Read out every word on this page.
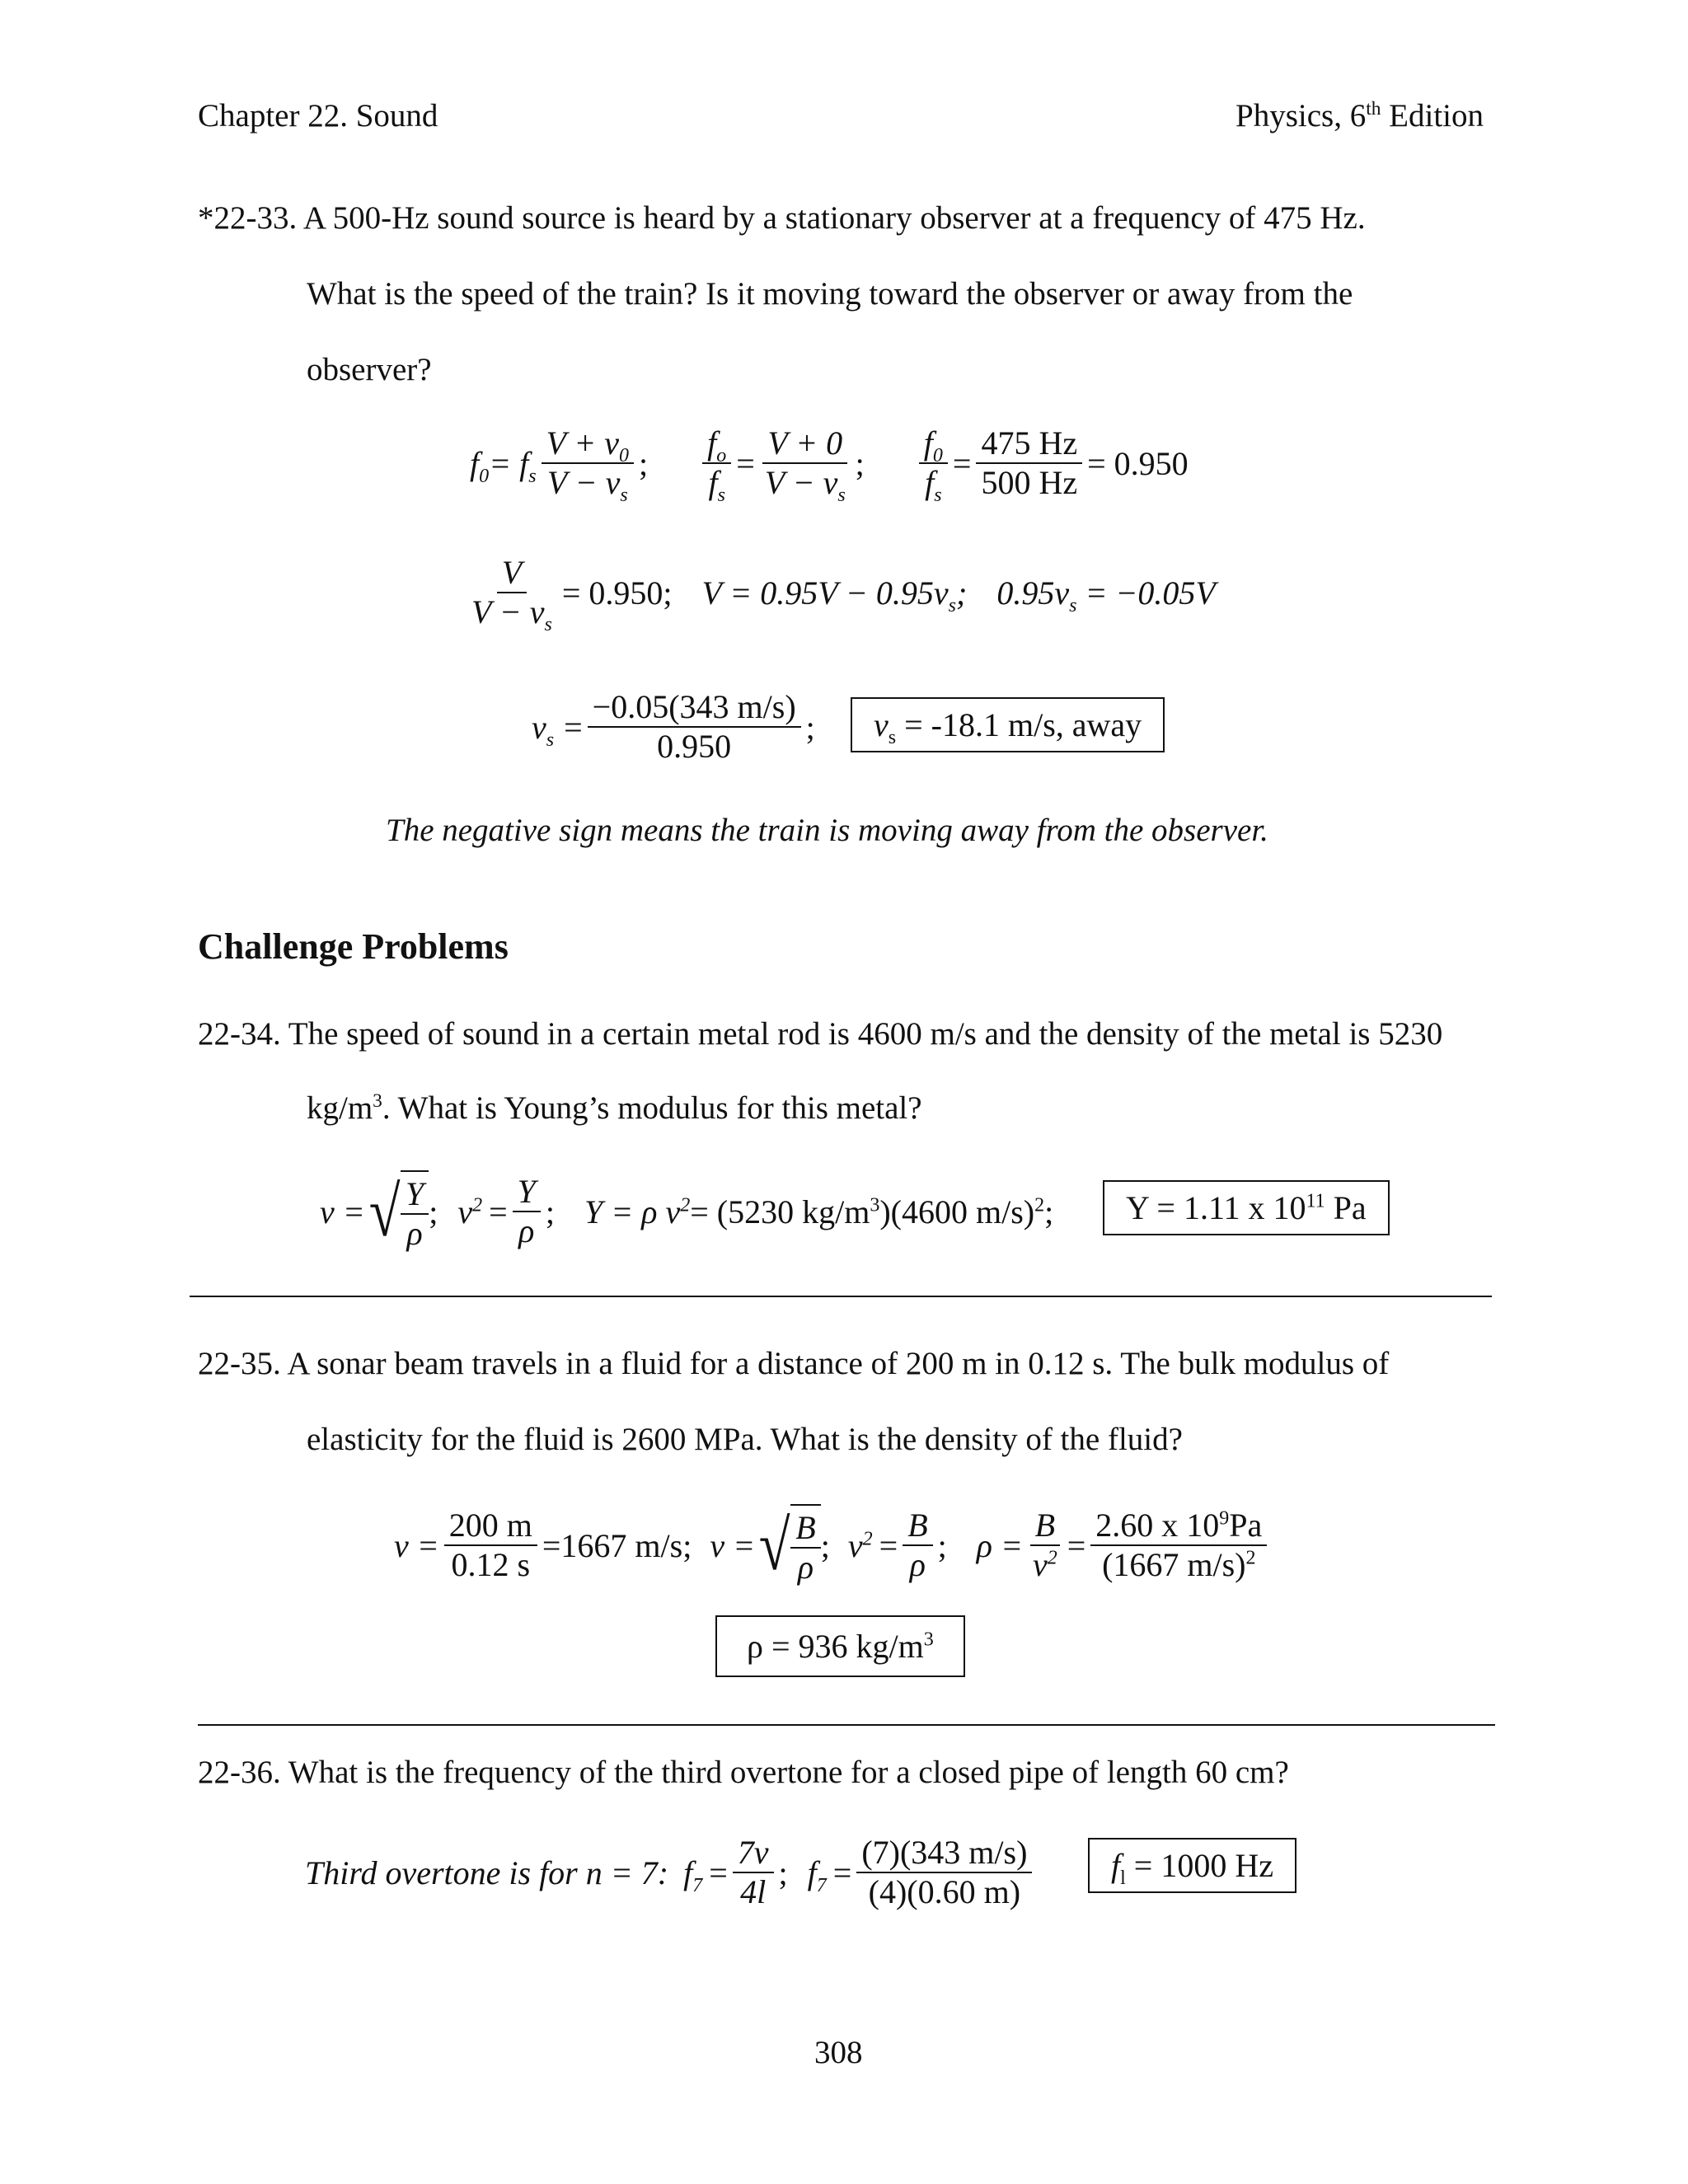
Chapter 22. Sound	Physics, 6th Edition
*22-33. A 500-Hz sound source is heard by a stationary observer at a frequency of 475 Hz.
What is the speed of the train? Is it moving toward the observer or away from the
observer?
$f_0 = f_s \frac{V + v_0}{V - v_s}$ ; $\frac{f_o}{f_s} = \frac{V + 0}{V - v_s}$ ; $\frac{f_0}{f_s} = \frac{475 Hz}{500 Hz} = 0.950$
$\frac{V}{V - v_s} = 0.950$; $V = 0.95V - 0.95v_s$; $0.95v_s = -0.05V$
$v_s = \frac{-0.05(343 m/s)}{0.950}$ ;	$v_s = -18.1$ m/s, away
The negative sign means the train is moving away from the observer.
Challenge Problems
22-34. The speed of sound in a certain metal rod is 4600 m/s and the density of the metal is 5230
$kg/m^3$. What is Young’s modulus for this metal?
v = √ $\frac{Y}{\rho}$ ; $v^2 = \frac{Y}{\rho}$ ; Y = ρ $v^2 = (5230$ $kg/m^3)(4600$ m/s)$^2$;	Y = 1.11 x $10^{11}$ Pa
22-35. A sonar beam travels in a fluid for a distance of 200 m in 0.12 s. The bulk modulus of
elasticity for the fluid is 2600 MPa. What is the density of the fluid?
$v = \frac{200 m}{0.12 s} =1667$ m/s; v = √ $\frac{B}{\rho}$ ; $v^2 = \frac{B}{\rho}$ ; $\rho = \frac{B}{v^2} = \frac{2.60 x 10^9Pa}{(1667 m/s)^2}$
ρ = 936 $kg/m^3$
22-36. What is the frequency of the third overtone for a closed pipe of length 60 cm?
Third overtone is for n = 7: $f_7 = \frac{7v}{4l}$ ; $f_7 = \frac{(7)(343 m/s)}{(4)(0.60 m)}$	$f_l = 1000$ Hz
308
